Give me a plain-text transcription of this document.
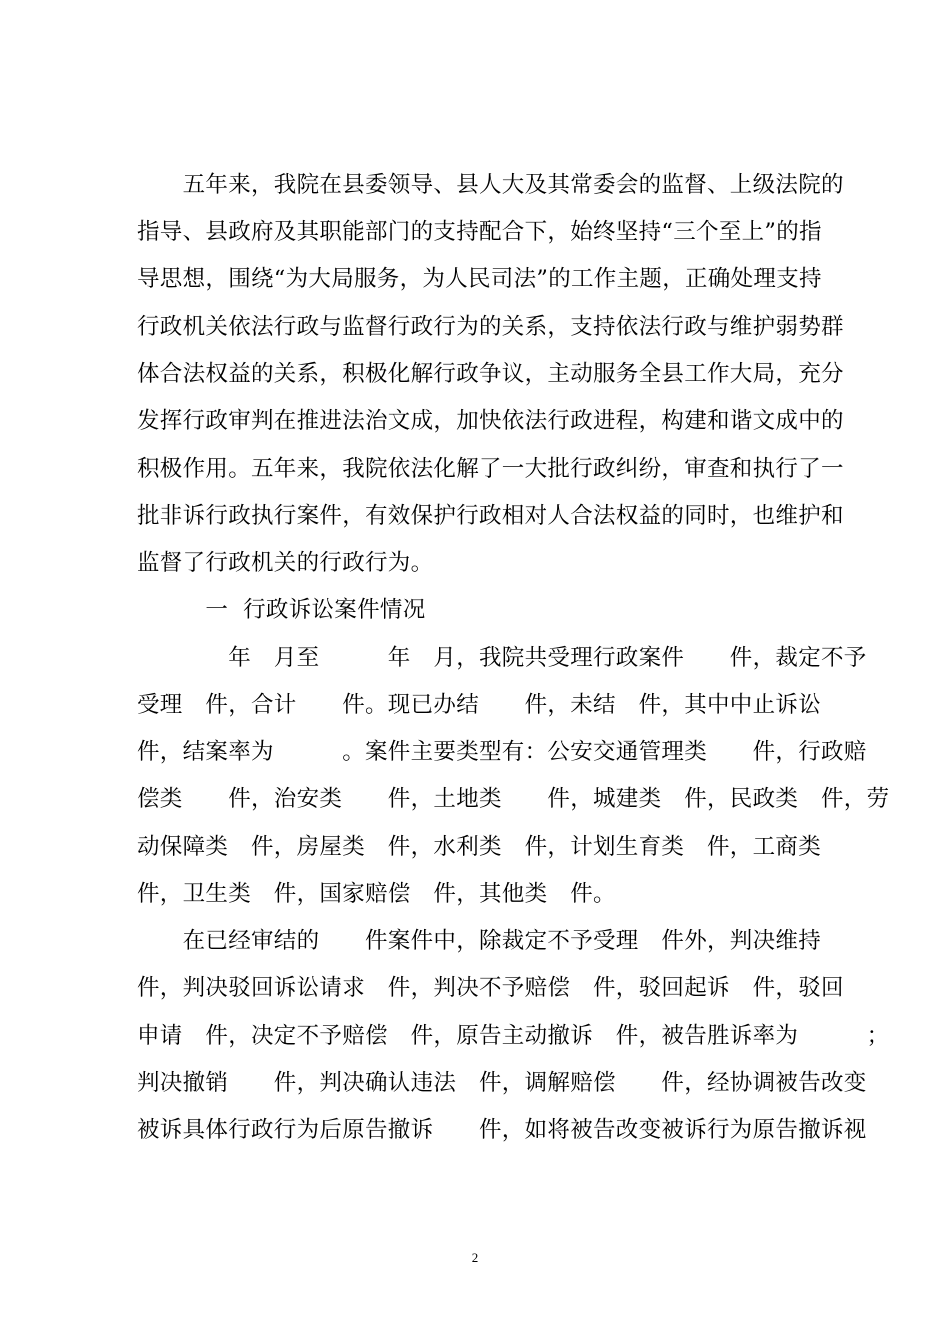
　　五年来，我院在县委领导、县人大及其常委会的监督、上级法院的
指导、县政府及其职能部门的支持配合下，始终坚持“三个至上”的指
导思想，围绕“为大局服务，为人民司法”的工作主题，正确处理支持
行政机关依法行政与监督行政行为的关系，支持依法行政与维护弱势群
体合法权益的关系，积极化解行政争议，主动服务全县工作大局，充分
发挥行政审判在推进法治文成，加快依法行政进程，构建和谐文成中的
积极作用。五年来，我院依法化解了一大批行政纠纷，审查和执行了一
批非诉行政执行案件，有效保护行政相对人合法权益的同时，也维护和
监督了行政机关的行政行为。
　　　一  行政诉讼案件情况
　　　　年　月至　　　年　月，我院共受理行政案件　　件，裁定不予
受理　件，合计　　件。现已办结　　件，未结　件，其中中止诉讼
件，结案率为　　　。案件主要类型有：公安交通管理类　　件，行政赔
偿类　　件，治安类　　件，土地类　　件，城建类　件，民政类　件，劳
动保障类　件，房屋类　件，水利类　件，计划生育类　件，工商类
件，卫生类　件，国家赔偿　件，其他类　件。
　　在已经审结的　　件案件中，除裁定不予受理　件外，判决维持
件，判决驳回诉讼请求　件，判决不予赔偿　件，驳回起诉　件，驳回
申请　件，决定不予赔偿　件，原告主动撤诉　件，被告胜诉率为　　　；
判决撤销　　件，判决确认违法　件，调解赔偿　　件，经协调被告改变
被诉具体行政行为后原告撤诉　　件，如将被告改变被诉行为原告撤诉视
2
